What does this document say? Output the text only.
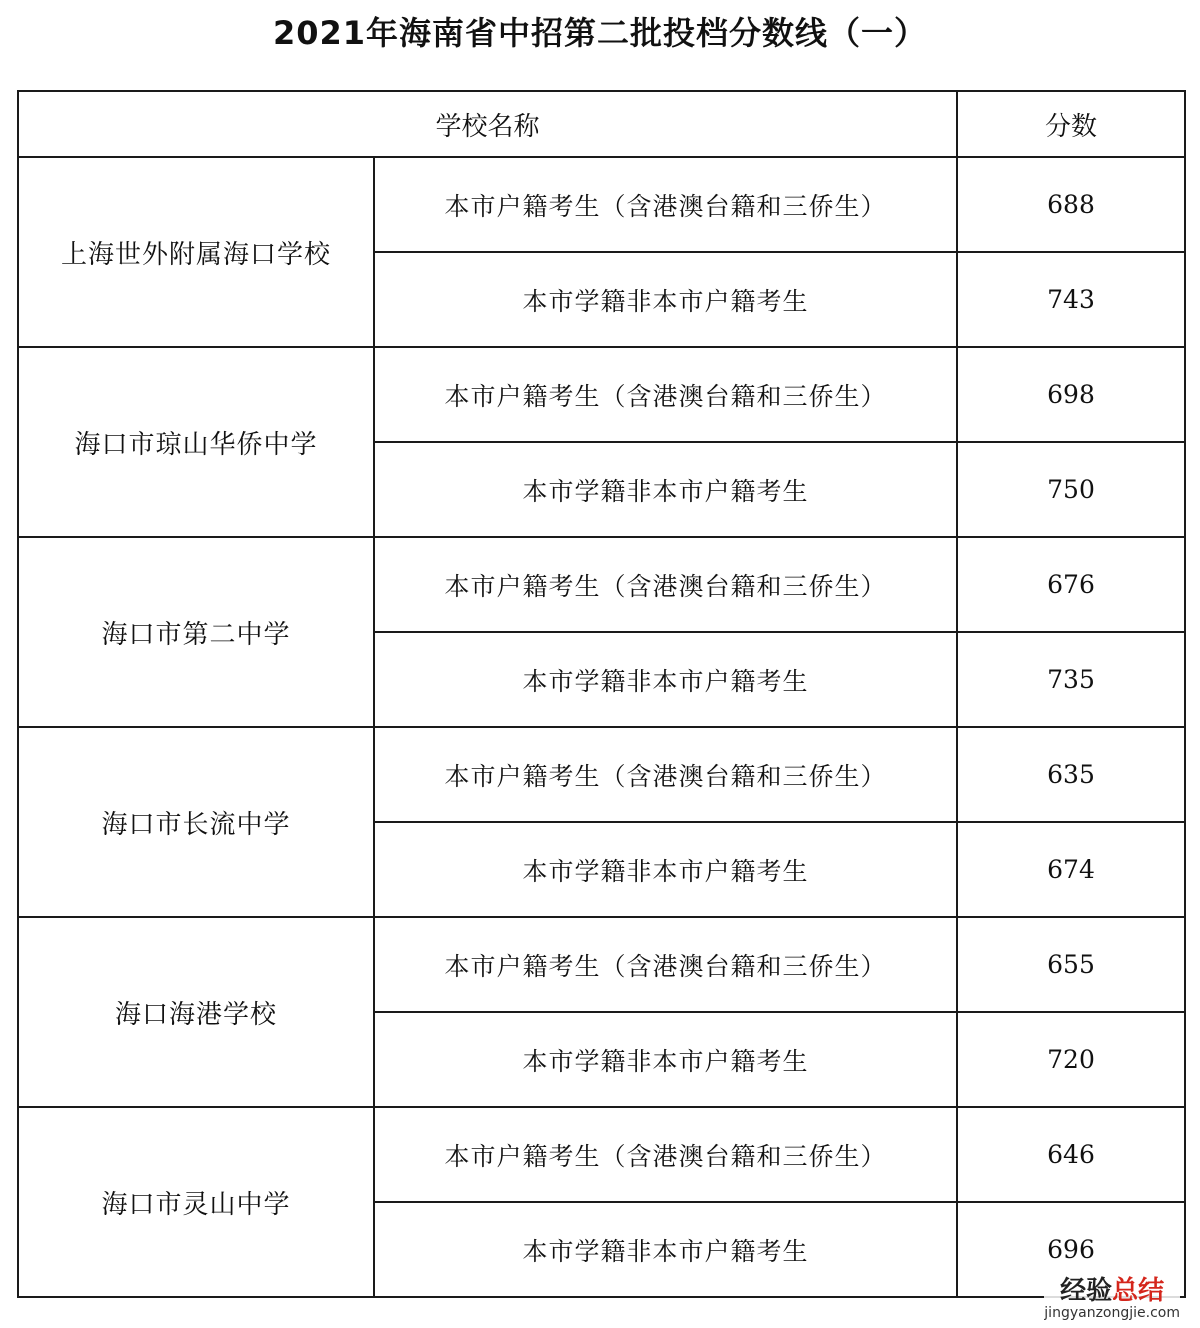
2021年海南省中招第二批投档分数线（一）
学校名称		分数
上海世外附属海口学校	本市户籍考生（含港澳台籍和三侨生）	688
	本市学籍非本市户籍考生	743
海口市琼山华侨中学	本市户籍考生（含港澳台籍和三侨生）	698
	本市学籍非本市户籍考生	750
海口市第二中学	本市户籍考生（含港澳台籍和三侨生）	676
	本市学籍非本市户籍考生	735
海口市长流中学	本市户籍考生（含港澳台籍和三侨生）	635
	本市学籍非本市户籍考生	674
海口海港学校	本市户籍考生（含港澳台籍和三侨生）	655
	本市学籍非本市户籍考生	720
海口市灵山中学	本市户籍考生（含港澳台籍和三侨生）	646
	本市学籍非本市户籍考生	696
经验总结
jingyanzongjie.com
